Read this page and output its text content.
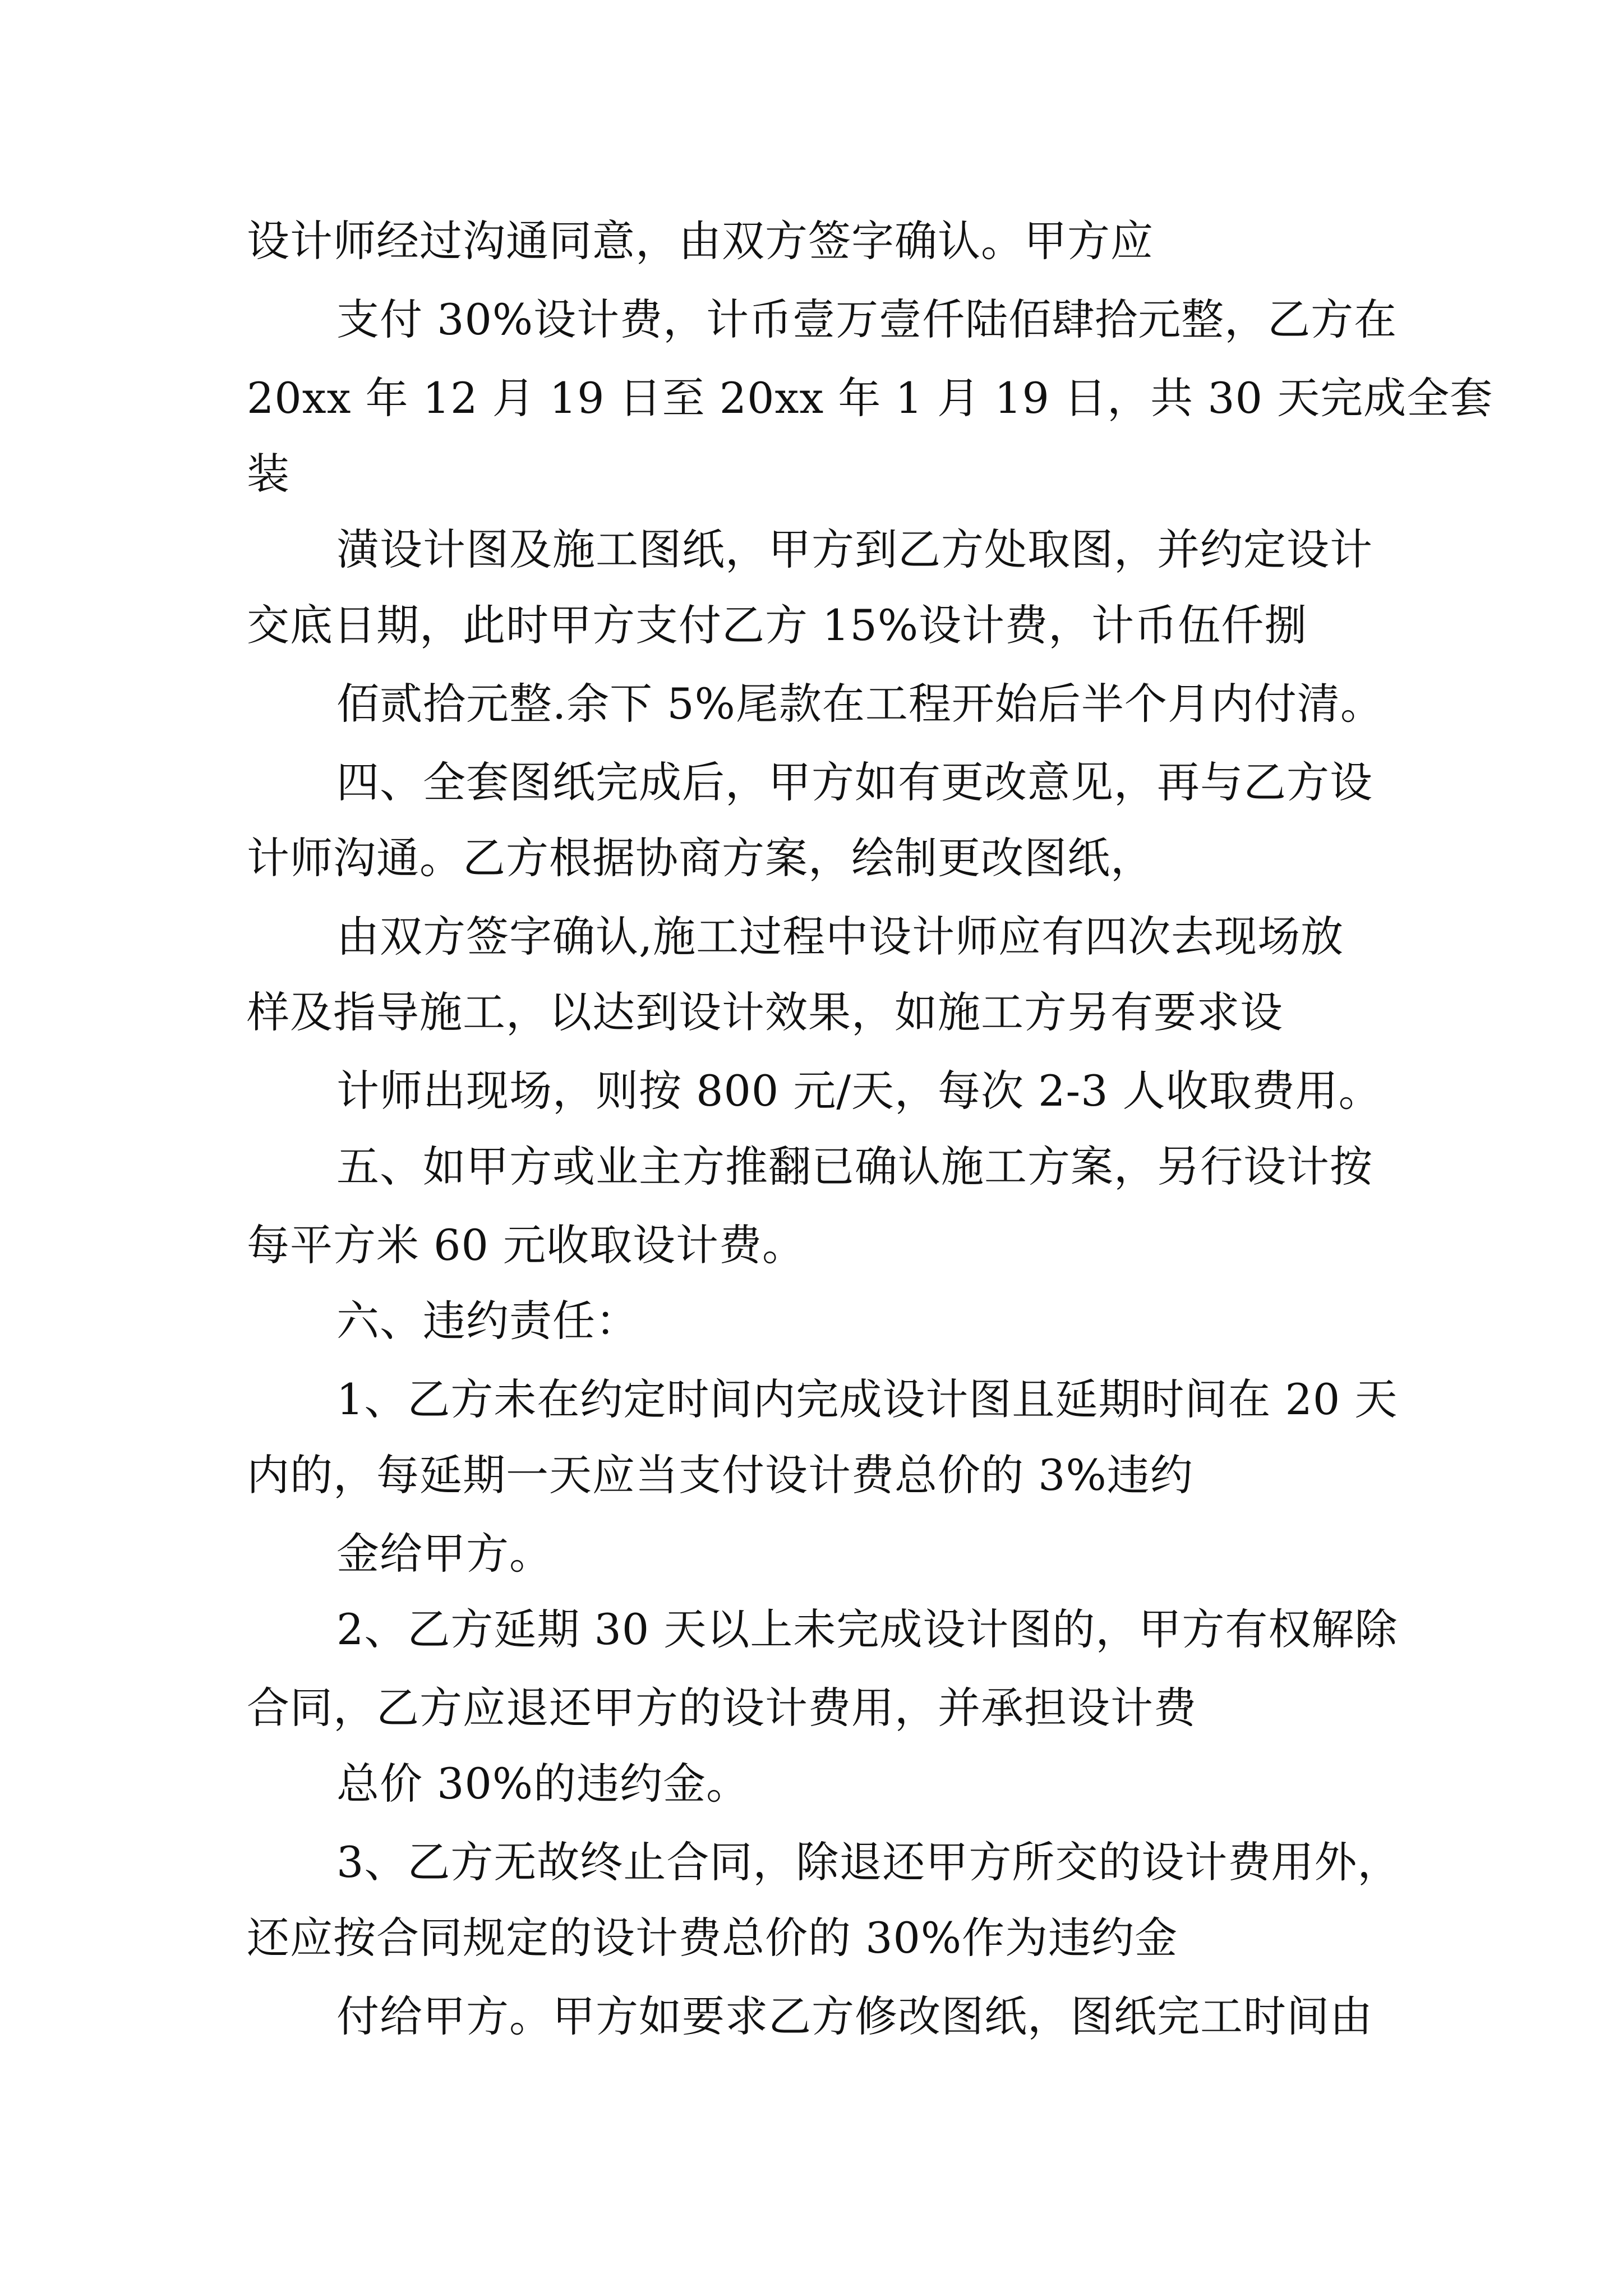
设计师经过沟通同意，由双方签字确认。甲方应
支付 30%设计费，计币壹万壹仟陆佰肆拾元整，乙方在
20xx 年 12 月 19 日至 20xx 年 1 月 19 日，共 30 天完成全套
装
潢设计图及施工图纸，甲方到乙方处取图，并约定设计
交底日期，此时甲方支付乙方 15%设计费，计币伍仟捌
佰贰拾元整.余下 5%尾款在工程开始后半个月内付清。
四、全套图纸完成后，甲方如有更改意见，再与乙方设
计师沟通。乙方根据协商方案，绘制更改图纸，
由双方签字确认,施工过程中设计师应有四次去现场放
样及指导施工，以达到设计效果，如施工方另有要求设
计师出现场，则按 800 元/天，每次 2-3 人收取费用。
五、如甲方或业主方推翻已确认施工方案，另行设计按
每平方米 60 元收取设计费。
六、违约责任：
1、乙方未在约定时间内完成设计图且延期时间在 20 天
内的，每延期一天应当支付设计费总价的 3%违约
金给甲方。
2、乙方延期 30 天以上未完成设计图的，甲方有权解除
合同，乙方应退还甲方的设计费用，并承担设计费
总价 30%的违约金。
3、乙方无故终止合同，除退还甲方所交的设计费用外，
还应按合同规定的设计费总价的 30%作为违约金
付给甲方。甲方如要求乙方修改图纸，图纸完工时间由
